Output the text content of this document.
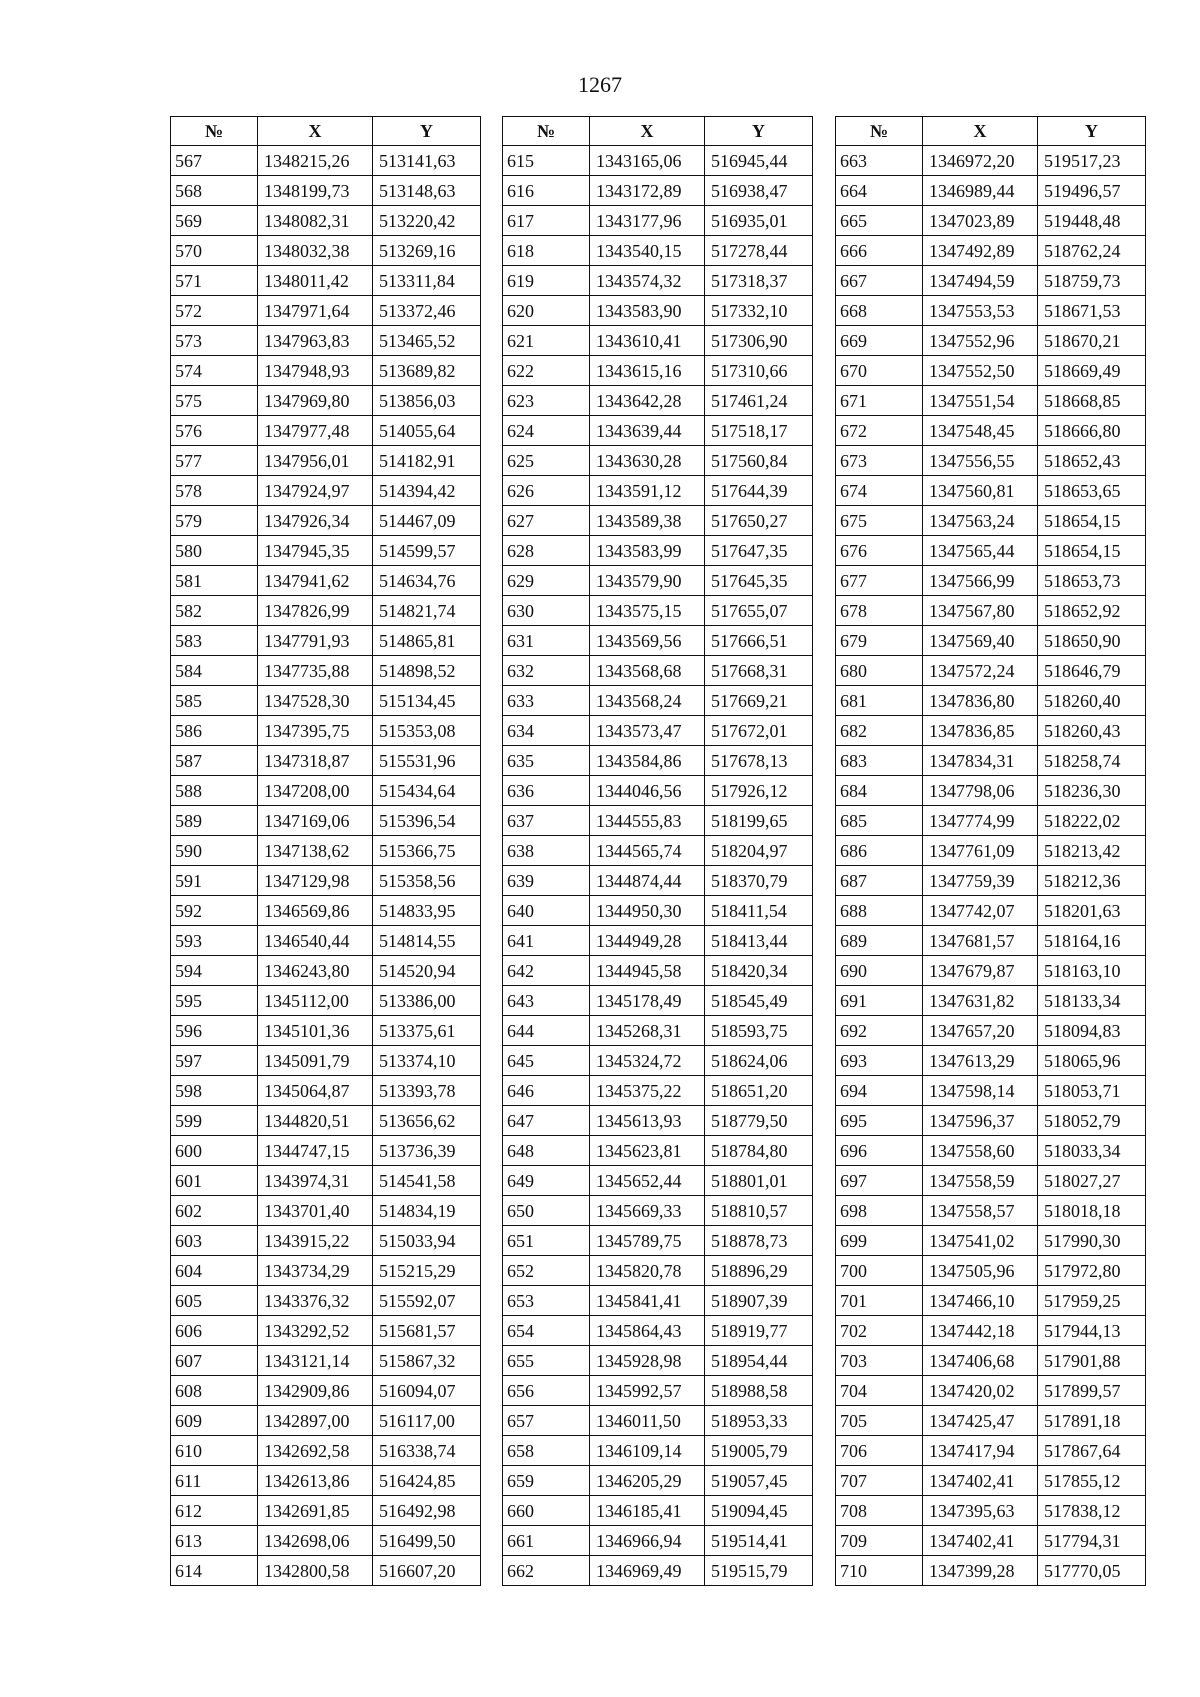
1267
№	X	Y
567	1348215,26	513141,63
568	1348199,73	513148,63
569	1348082,31	513220,42
570	1348032,38	513269,16
571	1348011,42	513311,84
572	1347971,64	513372,46
573	1347963,83	513465,52
574	1347948,93	513689,82
575	1347969,80	513856,03
576	1347977,48	514055,64
577	1347956,01	514182,91
578	1347924,97	514394,42
579	1347926,34	514467,09
580	1347945,35	514599,57
581	1347941,62	514634,76
582	1347826,99	514821,74
583	1347791,93	514865,81
584	1347735,88	514898,52
585	1347528,30	515134,45
586	1347395,75	515353,08
587	1347318,87	515531,96
588	1347208,00	515434,64
589	1347169,06	515396,54
590	1347138,62	515366,75
591	1347129,98	515358,56
592	1346569,86	514833,95
593	1346540,44	514814,55
594	1346243,80	514520,94
595	1345112,00	513386,00
596	1345101,36	513375,61
597	1345091,79	513374,10
598	1345064,87	513393,78
599	1344820,51	513656,62
600	1344747,15	513736,39
601	1343974,31	514541,58
602	1343701,40	514834,19
603	1343915,22	515033,94
604	1343734,29	515215,29
605	1343376,32	515592,07
606	1343292,52	515681,57
607	1343121,14	515867,32
608	1342909,86	516094,07
609	1342897,00	516117,00
610	1342692,58	516338,74
611	1342613,86	516424,85
612	1342691,85	516492,98
613	1342698,06	516499,50
614	1342800,58	516607,20
№	X	Y
615	1343165,06	516945,44
616	1343172,89	516938,47
617	1343177,96	516935,01
618	1343540,15	517278,44
619	1343574,32	517318,37
620	1343583,90	517332,10
621	1343610,41	517306,90
622	1343615,16	517310,66
623	1343642,28	517461,24
624	1343639,44	517518,17
625	1343630,28	517560,84
626	1343591,12	517644,39
627	1343589,38	517650,27
628	1343583,99	517647,35
629	1343579,90	517645,35
630	1343575,15	517655,07
631	1343569,56	517666,51
632	1343568,68	517668,31
633	1343568,24	517669,21
634	1343573,47	517672,01
635	1343584,86	517678,13
636	1344046,56	517926,12
637	1344555,83	518199,65
638	1344565,74	518204,97
639	1344874,44	518370,79
640	1344950,30	518411,54
641	1344949,28	518413,44
642	1344945,58	518420,34
643	1345178,49	518545,49
644	1345268,31	518593,75
645	1345324,72	518624,06
646	1345375,22	518651,20
647	1345613,93	518779,50
648	1345623,81	518784,80
649	1345652,44	518801,01
650	1345669,33	518810,57
651	1345789,75	518878,73
652	1345820,78	518896,29
653	1345841,41	518907,39
654	1345864,43	518919,77
655	1345928,98	518954,44
656	1345992,57	518988,58
657	1346011,50	518953,33
658	1346109,14	519005,79
659	1346205,29	519057,45
660	1346185,41	519094,45
661	1346966,94	519514,41
662	1346969,49	519515,79
№	X	Y
663	1346972,20	519517,23
664	1346989,44	519496,57
665	1347023,89	519448,48
666	1347492,89	518762,24
667	1347494,59	518759,73
668	1347553,53	518671,53
669	1347552,96	518670,21
670	1347552,50	518669,49
671	1347551,54	518668,85
672	1347548,45	518666,80
673	1347556,55	518652,43
674	1347560,81	518653,65
675	1347563,24	518654,15
676	1347565,44	518654,15
677	1347566,99	518653,73
678	1347567,80	518652,92
679	1347569,40	518650,90
680	1347572,24	518646,79
681	1347836,80	518260,40
682	1347836,85	518260,43
683	1347834,31	518258,74
684	1347798,06	518236,30
685	1347774,99	518222,02
686	1347761,09	518213,42
687	1347759,39	518212,36
688	1347742,07	518201,63
689	1347681,57	518164,16
690	1347679,87	518163,10
691	1347631,82	518133,34
692	1347657,20	518094,83
693	1347613,29	518065,96
694	1347598,14	518053,71
695	1347596,37	518052,79
696	1347558,60	518033,34
697	1347558,59	518027,27
698	1347558,57	518018,18
699	1347541,02	517990,30
700	1347505,96	517972,80
701	1347466,10	517959,25
702	1347442,18	517944,13
703	1347406,68	517901,88
704	1347420,02	517899,57
705	1347425,47	517891,18
706	1347417,94	517867,64
707	1347402,41	517855,12
708	1347395,63	517838,12
709	1347402,41	517794,31
710	1347399,28	517770,05
